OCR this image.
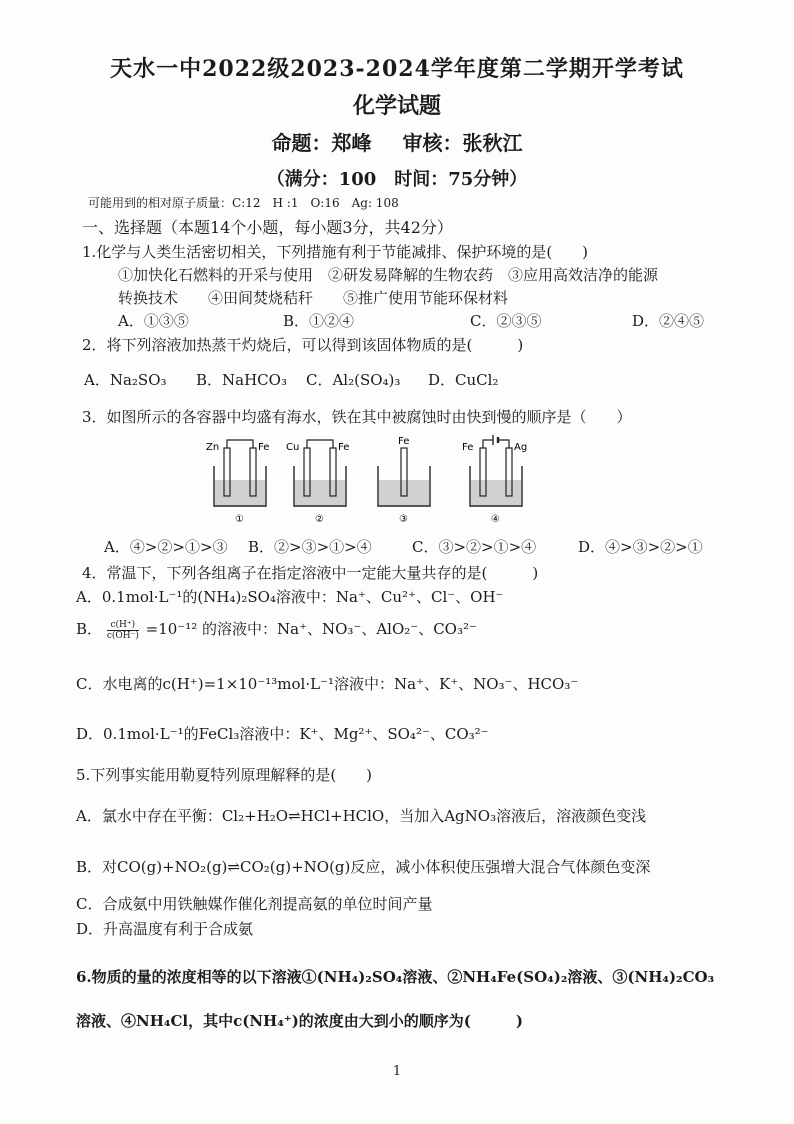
天水一中2022级2023-2024学年度第二学期开学考试
化学试题
命题：郑峰 审核：张秋江
（满分：100　时间：75分钟）
可能用到的相对原子质量：C:12　H :1　O:16　Ag: 108
一、选择题（本题14个小题，每小题3分，共42分）
1.化学与人类生活密切相关，下列措施有利于节能减排、保护环境的是(　　)
①加快化石燃料的开采与使用　②研发易降解的生物农药　③应用高效洁净的能源
转换技术　　④田间焚烧秸秆　　⑤推广使用节能环保材料
A．①③⑤	B．①②④	C．②③⑤	D．②④⑤
2．将下列溶液加热蒸干灼烧后，可以得到该固体物质的是(　　　)
A．Na₂SO₃ B．NaHCO₃ C．Al₂(SO₄)₃ D．CuCl₂
3．如图所示的各容器中均盛有海水，铁在其中被腐蚀时由快到慢的顺序是（　　）
Zn	Fe
①
Cu	Fe
②
Fe
③
Fe	Ag
④
A．④>②>①>③ B．②>③>①>④	C．③>②>①>④	D．④>③>②>①
4．常温下，下列各组离子在指定溶液中一定能大量共存的是(　　　)
A．0.1mol·L⁻¹的(NH₄)₂SO₄溶液中：Na⁺、Cu²⁺、Cl⁻、OH⁻
B． $\frac{c(H^+)}{c(OH^-)} =10^{-12}$ 的溶液中：Na⁺、NO₃⁻、AlO₂⁻、CO₃²⁻
C．水电离的c(H⁺)=1×10⁻¹³mol·L⁻¹溶液中：Na⁺、K⁺、NO₃⁻、HCO₃⁻
D．0.1mol·L⁻¹的FeCl₃溶液中：K⁺、Mg²⁺、SO₄²⁻、CO₃²⁻
5.下列事实能用勒夏特列原理解释的是(　　)
A．氯水中存在平衡：Cl₂+H₂O⇌HCl+HClO，当加入AgNO₃溶液后，溶液颜色变浅
B．对CO(g)+NO₂(g)⇌CO₂(g)+NO(g)反应，减小体积使压强增大混合气体颜色变深
C．合成氨中用铁触媒作催化剂提高氨的单位时间产量
D．升高温度有利于合成氨
6.物质的量的浓度相等的以下溶液①(NH₄)₂SO₄溶液、②NH₄Fe(SO₄)₂溶液、③(NH₄)₂CO₃
溶液、④NH₄Cl，其中c(NH₄⁺)的浓度由大到小的顺序为(　　　)
1
